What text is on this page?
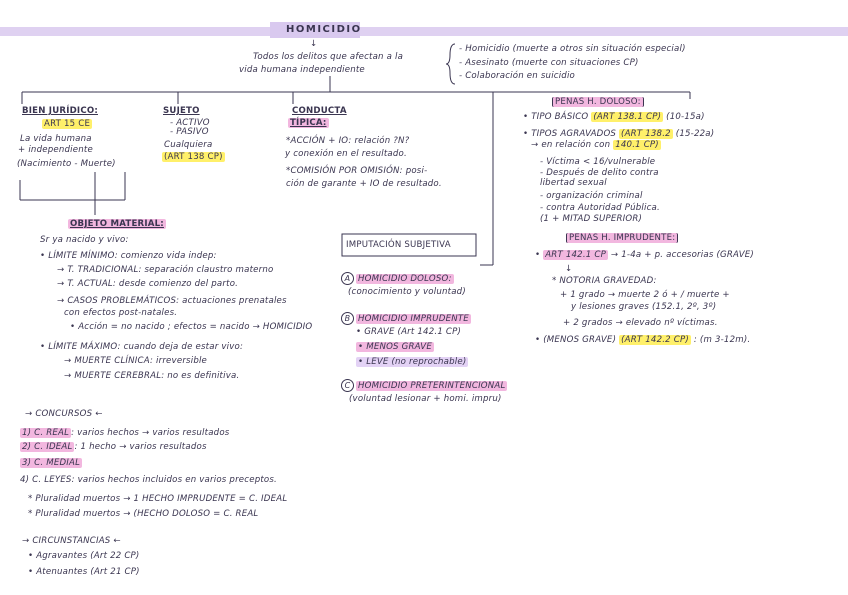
HOMICIDIO
↓
Todos los delitos que afectan a la
vida humana independiente
- Homicidio (muerte a otros sin situación especial)
- Asesinato (muerte con situaciones CP)
- Colaboración en suicidio
BIEN JURÍDICO:
ART 15 CE
La vida humana
+ independiente
(Nacimiento - Muerte)
SUJETO
- ACTIVO
- PASIVO
Cualquiera
(ART 138 CP)
CONDUCTA
TÍPICA:
*ACCIÓN + IO: relación ?N?
y conexión en el resultado.
*COMISIÓN POR OMISIÓN: posi-
ción de garante + IO de resultado.
PENAS H. DOLOSO:
• TIPO BÁSICO (ART 138.1 CP) (10-15a)
• TIPOS AGRAVADOS (ART 138.2 (15-22a)
→ en relación con 140.1 CP)
- Víctima < 16/vulnerable
- Después de delito contra
libertad sexual
- organización criminal
- contra Autoridad Pública.
(1 + MITAD SUPERIOR)
PENAS H. IMPRUDENTE:
• ART 142.1 CP → 1-4a + p. accesorias (GRAVE)
↓
* NOTORIA GRAVEDAD:
+ 1 grado → muerte 2 ó + / muerte +
y lesiones graves (152.1, 2º, 3º)
+ 2 grados → elevado nº víctimas.
• (MENOS GRAVE) (ART 142.2 CP) : (m 3-12m).
OBJETO MATERIAL:
Sr ya nacido y vivo:
• LÍMITE MÍNIMO: comienzo vida indep:
→ T. TRADICIONAL: separación claustro materno
→ T. ACTUAL: desde comienzo del parto.
→ CASOS PROBLEMÁTICOS: actuaciones prenatales
con efectos post-natales.
• Acción = no nacido ; efectos = nacido → HOMICIDIO
• LÍMITE MÁXIMO: cuando deja de estar vivo:
→ MUERTE CLÍNICA: irreversible
→ MUERTE CEREBRAL: no es definitiva.
IMPUTACIÓN SUBJETIVA
A HOMICIDIO DOLOSO:
(conocimiento y voluntad)
B HOMICIDIO IMPRUDENTE
• GRAVE (Art 142.1 CP)
• MENOS GRAVE
• LEVE (no reprochable)
C HOMICIDIO PRETERINTENCIONAL
(voluntad lesionar + homi. impru)
→ CONCURSOS ←
1) C. REAL : varios hechos → varios resultados
2) C. IDEAL : 1 hecho → varios resultados
3) C. MEDIAL
4) C. LEYES: varios hechos incluidos en varios preceptos.
* Pluralidad muertos → 1 HECHO IMPRUDENTE = C. IDEAL
* Pluralidad muertos → (HECHO DOLOSO = C. REAL
→ CIRCUNSTANCIAS ←
• Agravantes (Art 22 CP)
• Atenuantes (Art 21 CP)
